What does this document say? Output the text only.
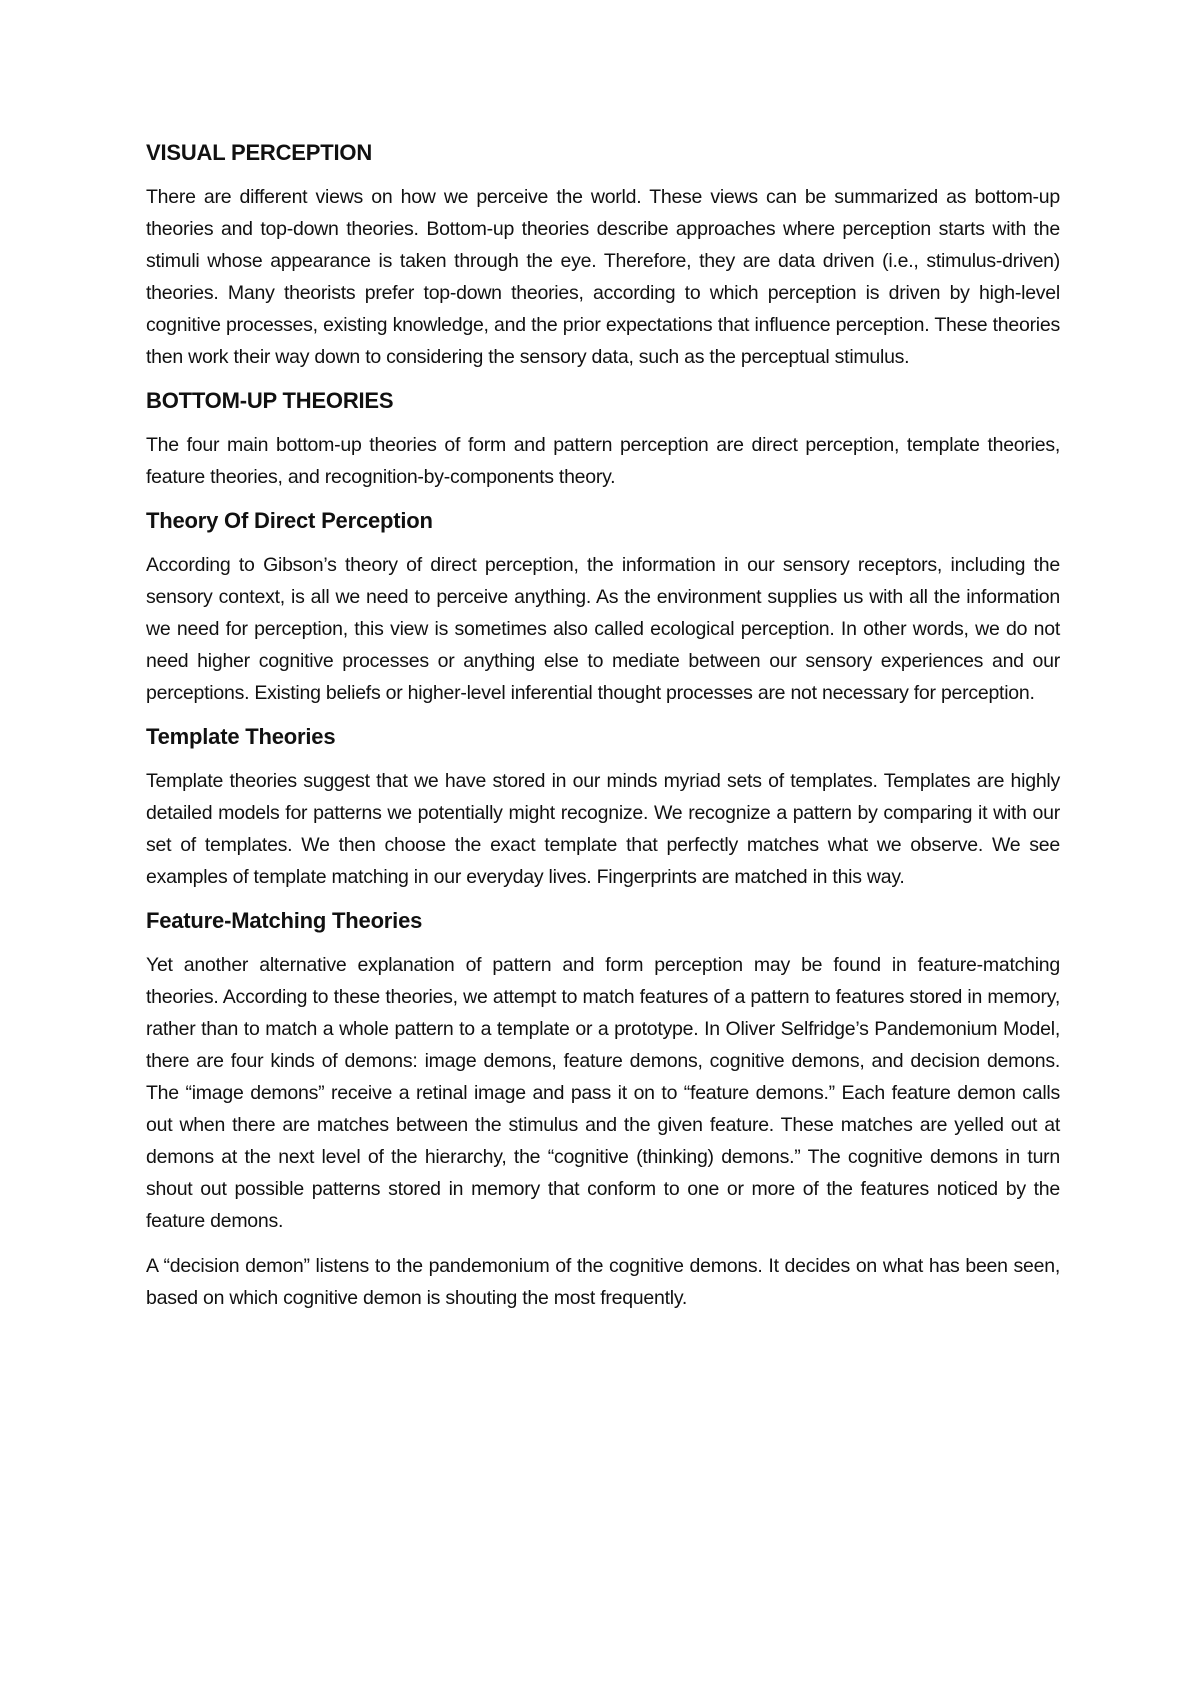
VISUAL PERCEPTION

There are different views on how we perceive the world. These views can be summarized as bottom-up theories and top-down theories. Bottom-up theories describe approaches where perception starts with the stimuli whose appearance is taken through the eye. Therefore, they are data driven (i.e., stimulus-driven) theories. Many theorists prefer top-down theories, according to which perception is driven by high-level cognitive processes, existing knowledge, and the prior expectations that influence perception. These theories then work their way down to considering the sensory data, such as the perceptual stimulus.

BOTTOM-UP THEORIES

The four main bottom-up theories of form and pattern perception are direct perception, template theories, feature theories, and recognition-by-components theory.

Theory Of Direct Perception

According to Gibson’s theory of direct perception, the information in our sensory receptors, including the sensory context, is all we need to perceive anything. As the environment supplies us with all the information we need for perception, this view is sometimes also called ecological perception. In other words, we do not need higher cognitive processes or anything else to mediate between our sensory experiences and our perceptions. Existing beliefs or higher-level inferential thought processes are not necessary for perception.

Template Theories

Template theories suggest that we have stored in our minds myriad sets of templates. Templates are highly detailed models for patterns we potentially might recognize. We recognize a pattern by comparing it with our set of templates. We then choose the exact template that perfectly matches what we observe. We see examples of template matching in our everyday lives. Fingerprints are matched in this way.

Feature-Matching Theories

Yet another alternative explanation of pattern and form perception may be found in feature-matching theories. According to these theories, we attempt to match features of a pattern to features stored in memory, rather than to match a whole pattern to a template or a prototype. In Oliver Selfridge’s Pandemonium Model, there are four kinds of demons: image demons, feature demons, cognitive demons, and decision demons. The “image demons” receive a retinal image and pass it on to “feature demons.” Each feature demon calls out when there are matches between the stimulus and the given feature. These matches are yelled out at demons at the next level of the hierarchy, the “cognitive (thinking) demons.” The cognitive demons in turn shout out possible patterns stored in memory that conform to one or more of the features noticed by the feature demons.

A “decision demon” listens to the pandemonium of the cognitive demons. It decides on what has been seen, based on which cognitive demon is shouting the most frequently.
